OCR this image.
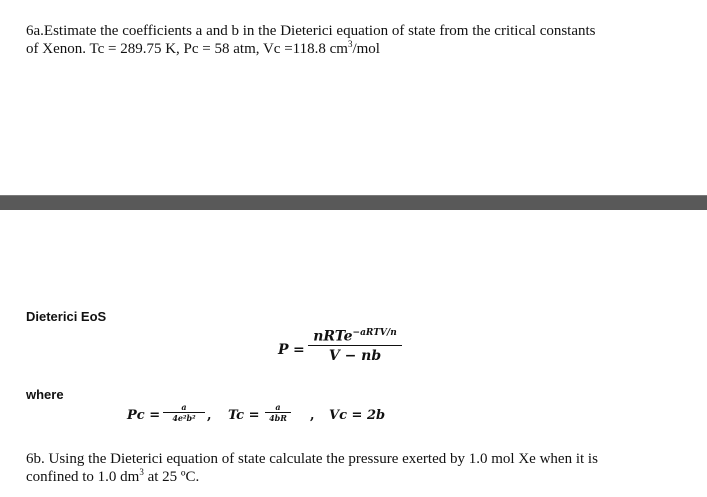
6a.Estimate the coefficients a and b in the Dieterici equation of state from the critical constants
of Xenon. Tc = 289.75 K, Pc = 58 atm, Vc =118.8 $cm^3$/mol
Dieterici EoS
P =
nRTe$^{-aRTV/n}$
V − nb
where
Pc =
a
4e²b² , Tc =
a
4bR , Vc = 2b
6b. Using the Dieterici equation of state calculate the pressure exerted by 1.0 mol Xe when it is
confined to 1.0 $dm^3$ at 25 ºC.
